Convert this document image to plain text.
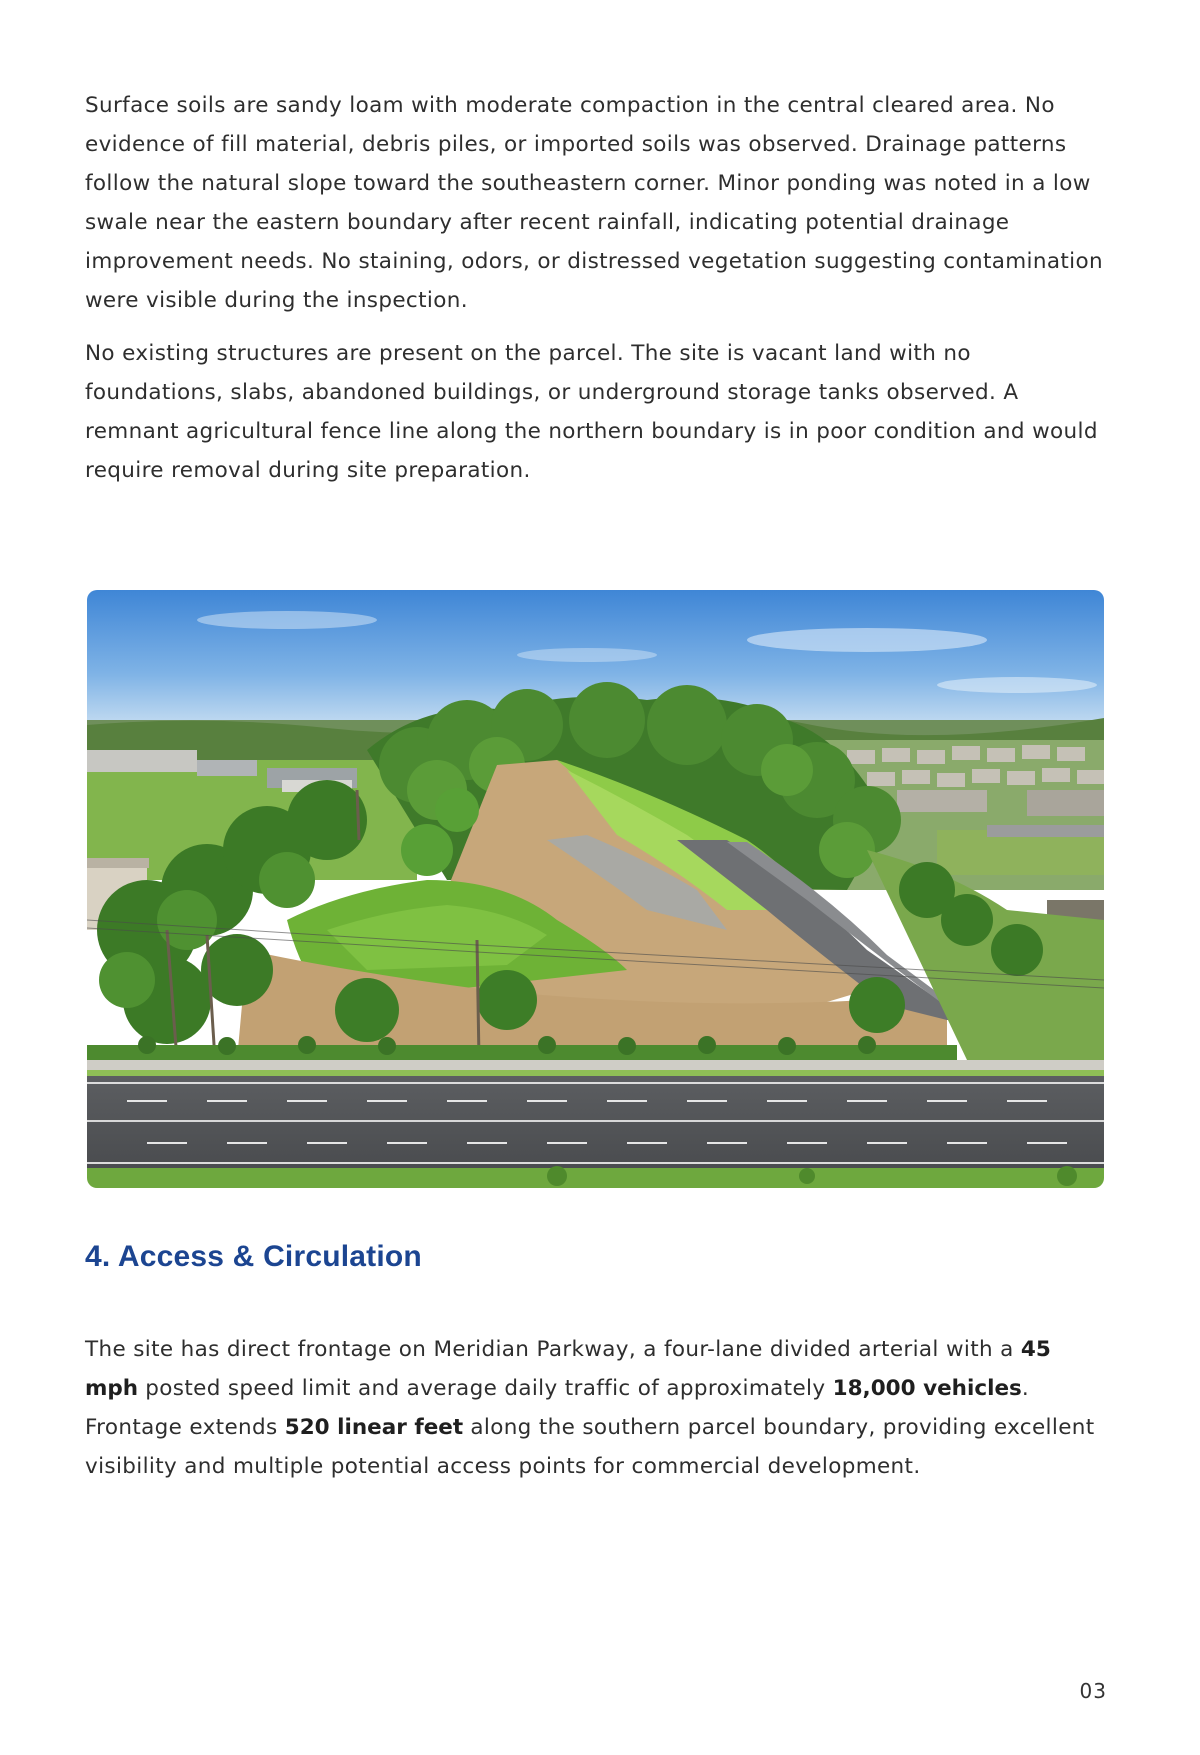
Surface soils are sandy loam with moderate compaction in the central cleared area. No evidence of fill material, debris piles, or imported soils was observed. Drainage patterns follow the natural slope toward the southeastern corner. Minor ponding was noted in a low swale near the eastern boundary after recent rainfall, indicating potential drainage improvement needs. No staining, odors, or distressed vegetation suggesting contamination were visible during the inspection.

No existing structures are present on the parcel. The site is vacant land with no foundations, slabs, abandoned buildings, or underground storage tanks observed. A remnant agricultural fence line along the northern boundary is in poor condition and would require removal during site preparation.

4. Access & Circulation

The site has direct frontage on Meridian Parkway, a four-lane divided arterial with a 45 mph posted speed limit and average daily traffic of approximately 18,000 vehicles. Frontage extends 520 linear feet along the southern parcel boundary, providing excellent visibility and multiple potential access points for commercial development.

03
